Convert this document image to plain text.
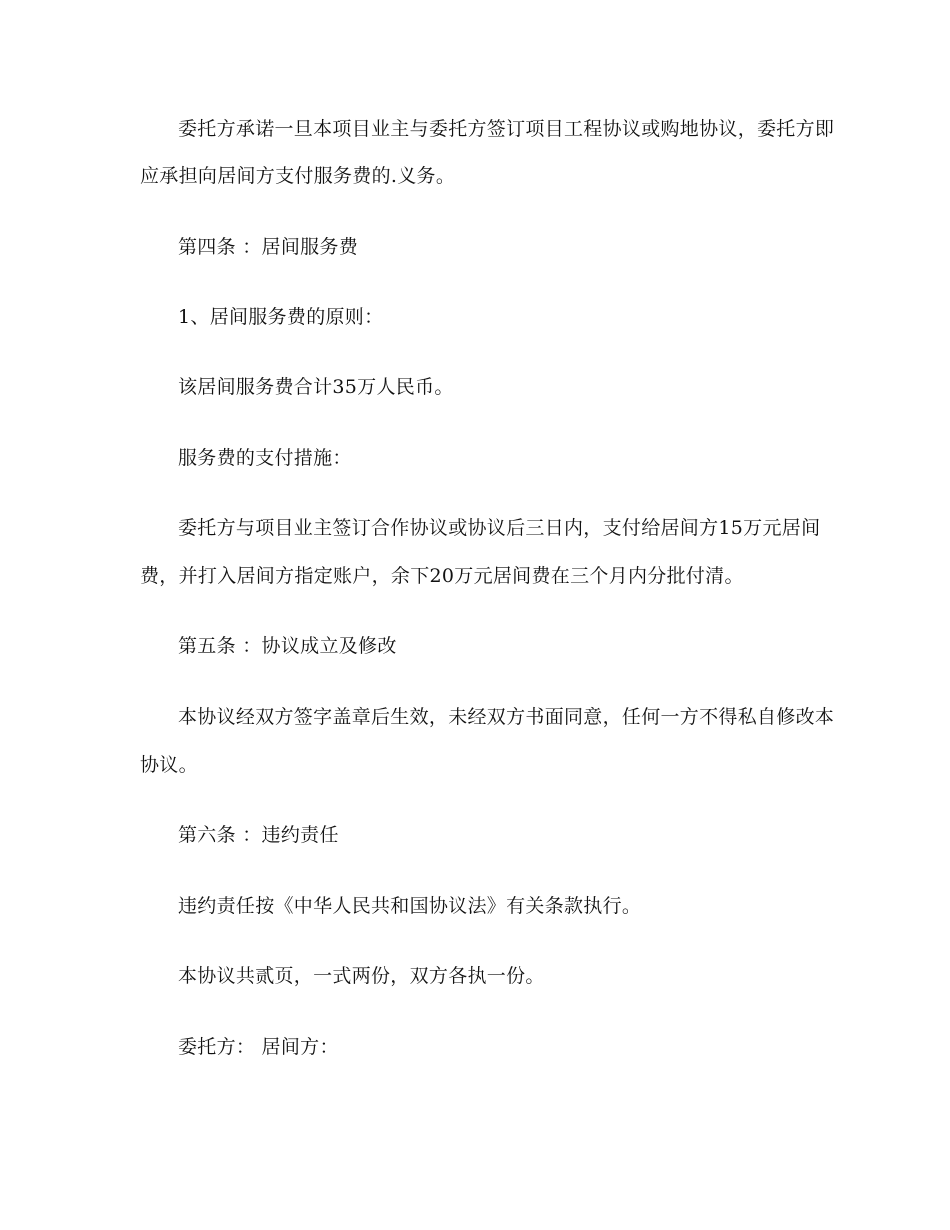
委托方承诺一旦本项目业主与委托方签订项目工程协议或购地协议，委托方即
应承担向居间方支付服务费的.义务。
第四条 ：居间服务费
1、居间服务费的原则：
该居间服务费合计35万人民币。
服务费的支付措施：
委托方与项目业主签订合作协议或协议后三日内，支付给居间方15万元居间
费，并打入居间方指定账户，余下20万元居间费在三个月内分批付清。
第五条 ：协议成立及修改
本协议经双方签字盖章后生效，未经双方书面同意，任何一方不得私自修改本
协议。
第六条 ：违约责任
违约责任按《中华人民共和国协议法》有关条款执行。
本协议共贰页，一式两份，双方各执一份。
委托方： 居间方：
